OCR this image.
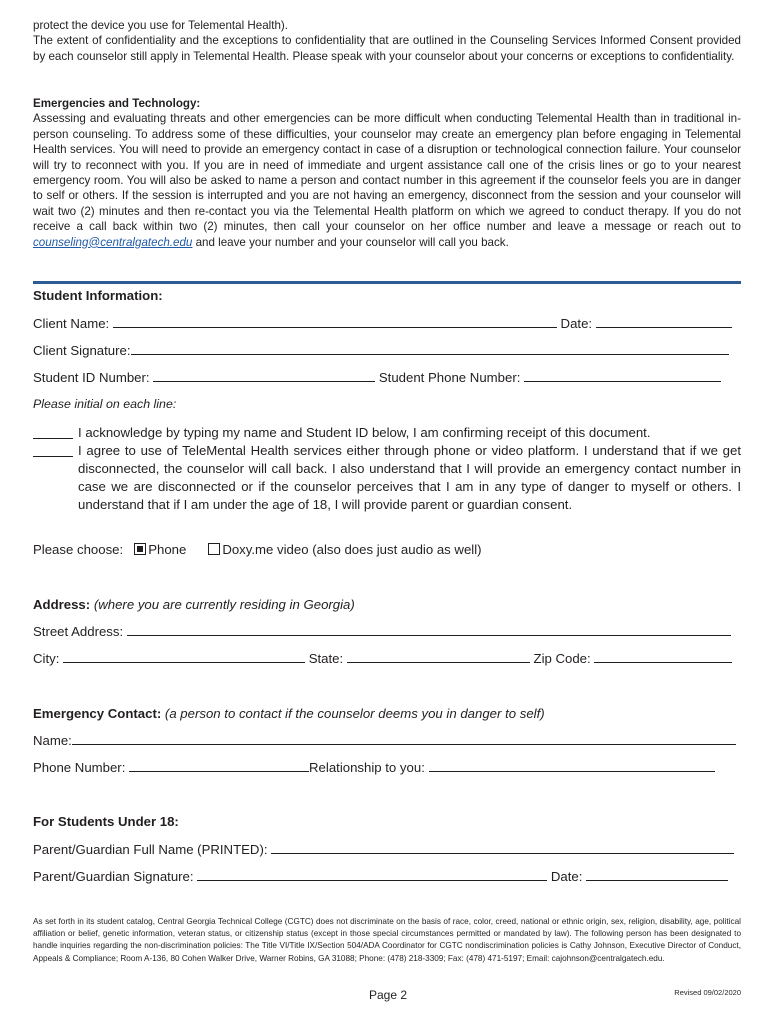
protect the device you use for Telemental Health).
The extent of confidentiality and the exceptions to confidentiality that are outlined in the Counseling Services Informed Consent provided by each counselor still apply in Telemental Health. Please speak with your counselor about your concerns or exceptions to confidentiality.
Emergencies and Technology:
Assessing and evaluating threats and other emergencies can be more difficult when conducting Telemental Health than in traditional in-person counseling. To address some of these difficulties, your counselor may create an emergency plan before engaging in Telemental Health services. You will need to provide an emergency contact in case of a disruption or technological connection failure. Your counselor will try to reconnect with you. If you are in need of immediate and urgent assistance call one of the crisis lines or go to your nearest emergency room. You will also be asked to name a person and contact number in this agreement if the counselor feels you are in danger to self or others. If the session is interrupted and you are not having an emergency, disconnect from the session and your counselor will wait two (2) minutes and then re-contact you via the Telemental Health platform on which we agreed to conduct therapy. If you do not receive a call back within two (2) minutes, then call your counselor on her office number and leave a message or reach out to counseling@centralgatech.edu and leave your number and your counselor will call you back.
Student Information:
Client Name:	Date:
Client Signature:
Student ID Number:	Student Phone Number:
Please initial on each line:
I acknowledge by typing my name and Student ID below, I am confirming receipt of this document.
I agree to use of TeleMental Health services either through phone or video platform. I understand that if we get disconnected, the counselor will call back. I also understand that I will provide an emergency contact number in case we are disconnected or if the counselor perceives that I am in any type of danger to myself or others. I understand that if I am under the age of 18, I will provide parent or guardian consent.
Please choose: Phone	Doxy.me video (also does just audio as well)
Address: (where you are currently residing in Georgia)
Street Address:
City:	State:	Zip Code:
Emergency Contact: (a person to contact if the counselor deems you in danger to self)
Name:
Phone Number:	Relationship to you:
For Students Under 18:
Parent/Guardian Full Name (PRINTED):
Parent/Guardian Signature:	Date:
As set forth in its student catalog, Central Georgia Technical College (CGTC) does not discriminate on the basis of race, color, creed, national or ethnic origin, sex, religion, disability, age, political affiliation or belief, genetic information, veteran status, or citizenship status (except in those special circumstances permitted or mandated by law). The following person has been designated to handle inquiries regarding the non-discrimination policies: The Title VI/Title IX/Section 504/ADA Coordinator for CGTC nondiscrimination policies is Cathy Johnson, Executive Director of Conduct, Appeals & Compliance; Room A-136, 80 Cohen Walker Drive, Warner Robins, GA 31088; Phone: (478) 218-3309; Fax: (478) 471-5197; Email: cajohnson@centralgatech.edu.
Page 2	Revised 09/02/2020
